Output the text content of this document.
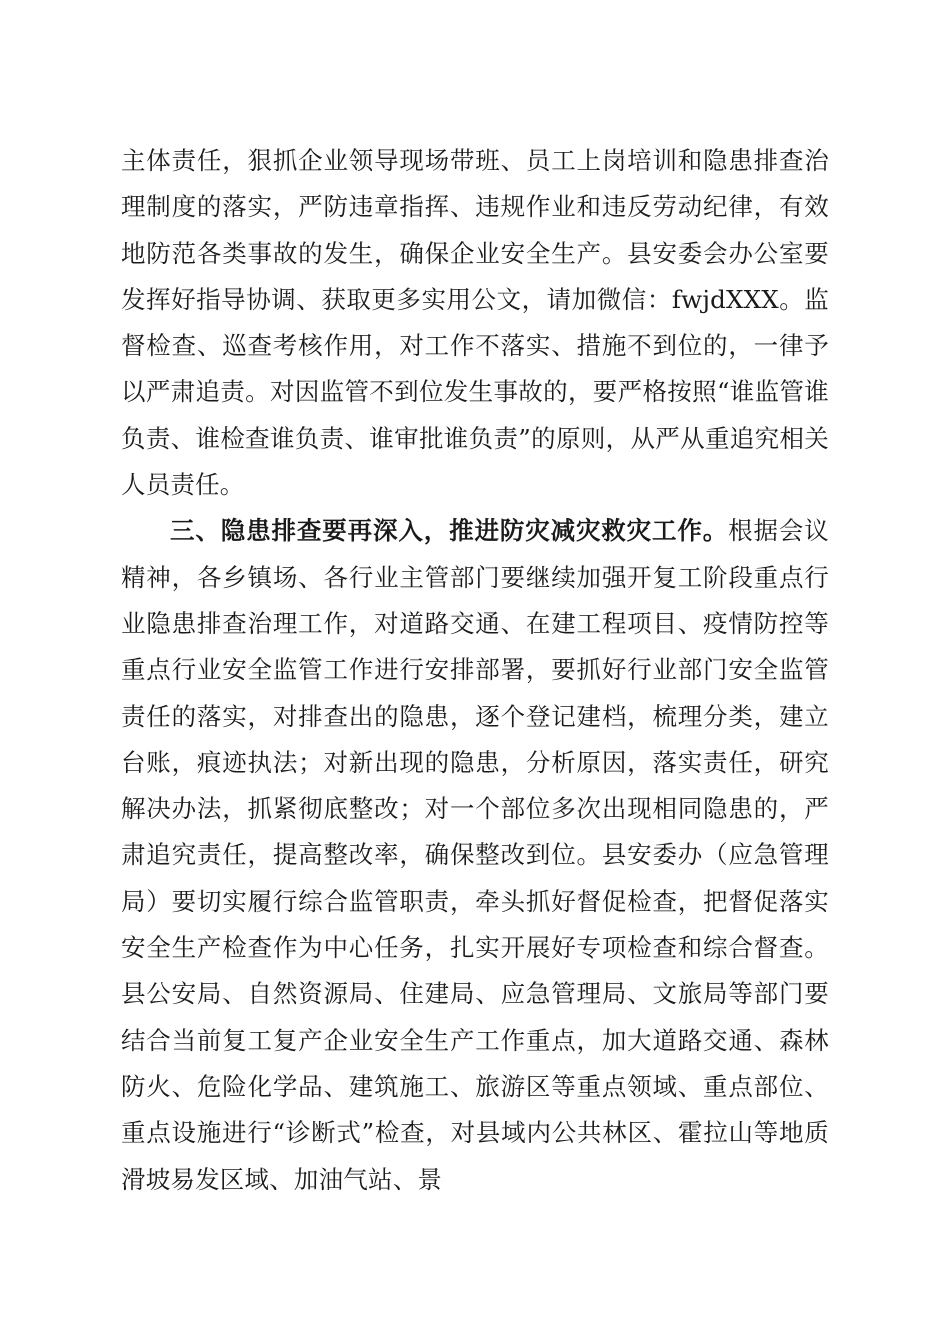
主体责任，狠抓企业领导现场带班、员工上岗培训和隐患排查治理制度的落实，严防违章指挥、违规作业和违反劳动纪律，有效地防范各类事故的发生，确保企业安全生产。县安委会办公室要发挥好指导协调、获取更多实用公文，请加微信：fwjdXXX。监督检查、巡查考核作用，对工作不落实、措施不到位的，一律予以严肃追责。对因监管不到位发生事故的，要严格按照“谁监管谁负责、谁检查谁负责、谁审批谁负责”的原则，从严从重追究相关人员责任。

三、隐患排查要再深入，推进防灾减灾救灾工作。根据会议精神，各乡镇场、各行业主管部门要继续加强开复工阶段重点行业隐患排查治理工作，对道路交通、在建工程项目、疫情防控等重点行业安全监管工作进行安排部署，要抓好行业部门安全监管责任的落实，对排查出的隐患，逐个登记建档，梳理分类，建立台账，痕迹执法；对新出现的隐患，分析原因，落实责任，研究解决办法，抓紧彻底整改；对一个部位多次出现相同隐患的，严肃追究责任，提高整改率，确保整改到位。县安委办（应急管理局）要切实履行综合监管职责，牵头抓好督促检查，把督促落实安全生产检查作为中心任务，扎实开展好专项检查和综合督查。县公安局、自然资源局、住建局、应急管理局、文旅局等部门要结合当前复工复产企业安全生产工作重点，加大道路交通、森林防火、危险化学品、建筑施工、旅游区等重点领域、重点部位、重点设施进行“诊断式”检查，对县域内公共林区、霍拉山等地质滑坡易发区域、加油气站、景
